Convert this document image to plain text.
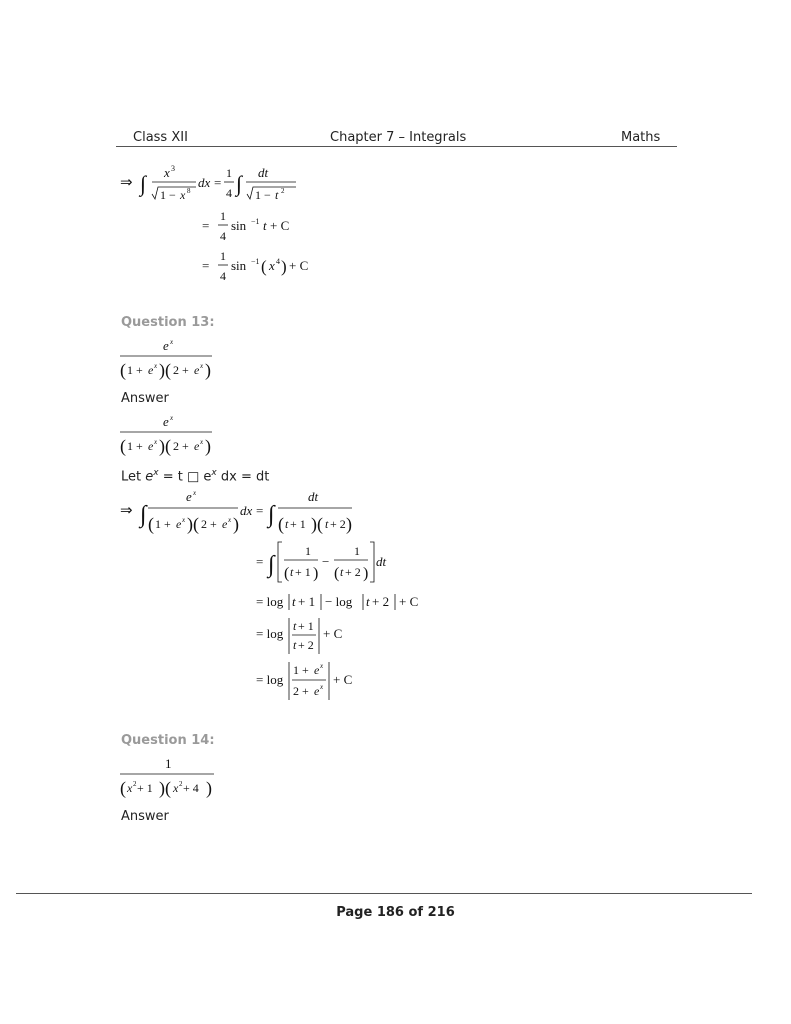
Class XII	Chapter 7 – Integrals	Maths
⇒ ∫ x 3
1 − x 8
dx =
1
4 ∫ dt
1 − t 2
=
1
4
sin −1 t + C
=
1
4
sin −1 ( x 4 ) + C
Question 13:
e x
( 1 + e x )( 2 + e x )
Answer
e x
( 1 + e x )( 2 + e x )
Let $e^x = t$ □ $e^x$ dx = dt
⇒ ∫
e x
( 1 + e x )( 2 + e x )
dx = ∫
dt
( t + 1 )( t + 2 )
= ∫
1
( t + 1 )
−
1
( t + 2 )
dt
= log t + 1 − log t + 2 + C
= log t + 1
t + 2
+ C
= log
1 + e x
2 + e x + C
Question 14:
1
( x 2 + 1 )( x 2 + 4 )
Answer
Page 186 of 216
